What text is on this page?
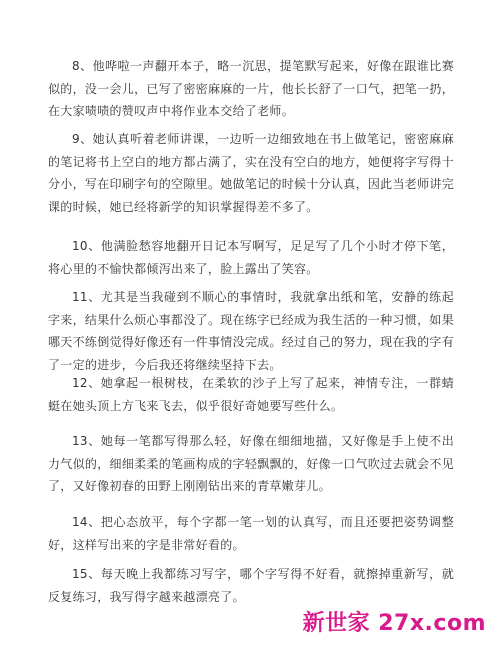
8、他哗啦一声翻开本子，略一沉思，提笔默写起来，好像在跟谁比赛似的，没一会儿，已写了密密麻麻的一片，他长长舒了一口气，把笔一扔，在大家啧啧的赞叹声中将作业本交给了老师。

9、她认真听着老师讲课，一边听一边细致地在书上做笔记，密密麻麻的笔记将书上空白的地方都占满了，实在没有空白的地方，她便将字写得十分小，写在印刷字句的空隙里。她做笔记的时候十分认真，因此当老师讲完课的时候，她已经将新学的知识掌握得差不多了。

10、他满脸愁容地翻开日记本写啊写，足足写了几个小时才停下笔，将心里的不愉快都倾泻出来了，脸上露出了笑容。

11、尤其是当我碰到不顺心的事情时，我就拿出纸和笔，安静的练起字来，结果什么烦心事都没了。现在练字已经成为我生活的一种习惯，如果哪天不练倒觉得好像还有一件事情没完成。经过自己的努力，现在我的字有了一定的进步，今后我还将继续坚持下去。

12、她拿起一根树枝，在柔软的沙子上写了起来，神情专注，一群蜻蜓在她头顶上方飞来飞去，似乎很好奇她要写些什么。

13、她每一笔都写得那么轻，好像在细细地描，又好像是手上使不出力气似的，细细柔柔的笔画构成的字轻飘飘的，好像一口气吹过去就会不见了，又好像初春的田野上刚刚钻出来的青草嫩芽儿。

14、把心态放平，每个字都一笔一划的认真写，而且还要把姿势调整好，这样写出来的字是非常好看的。

15、每天晚上我都练习写字，哪个字写得不好看，就擦掉重新写，就反复练习，我写得字越来越漂亮了。

新世家 27x.com
